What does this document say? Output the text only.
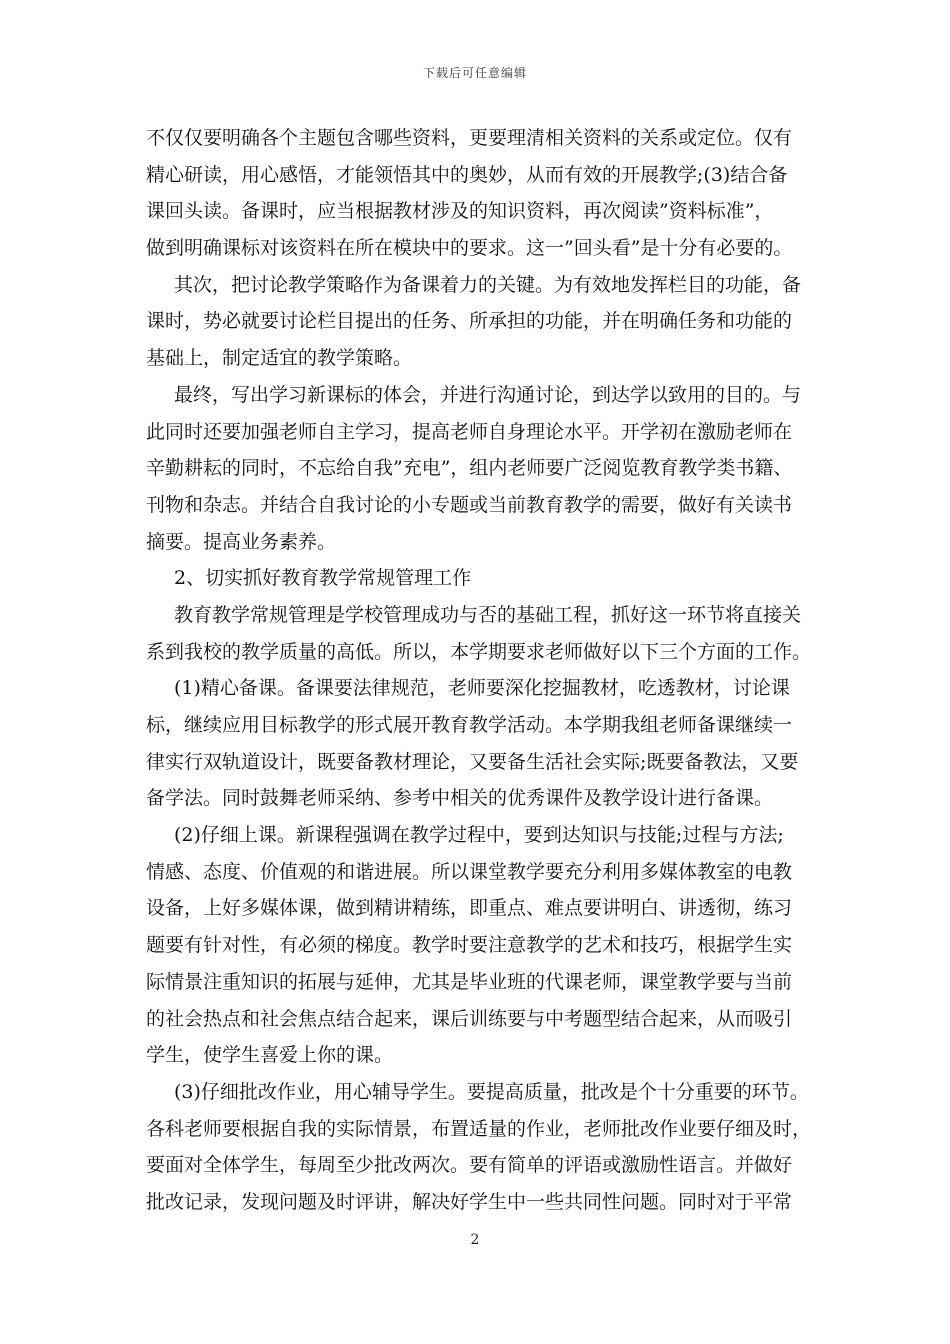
下载后可任意编辑
不仅仅要明确各个主题包含哪些资料，更要理清相关资料的关系或定位。仅有
精心研读，用心感悟，才能领悟其中的奥妙，从而有效的开展教学;(3)结合备
课回头读。备课时，应当根据教材涉及的知识资料，再次阅读”资料标准”，
做到明确课标对该资料在所在模块中的要求。这一”回头看”是十分有必要的。
其次，把讨论教学策略作为备课着力的关键。为有效地发挥栏目的功能，备
课时，势必就要讨论栏目提出的任务、所承担的功能，并在明确任务和功能的
基础上，制定适宜的教学策略。
最终，写出学习新课标的体会，并进行沟通讨论，到达学以致用的目的。与
此同时还要加强老师自主学习，提高老师自身理论水平。开学初在激励老师在
辛勤耕耘的同时，不忘给自我”充电”，组内老师要广泛阅览教育教学类书籍、
刊物和杂志。并结合自我讨论的小专题或当前教育教学的需要，做好有关读书
摘要。提高业务素养。
2、切实抓好教育教学常规管理工作
教育教学常规管理是学校管理成功与否的基础工程，抓好这一环节将直接关
系到我校的教学质量的高低。所以，本学期要求老师做好以下三个方面的工作。
(1)精心备课。备课要法律规范，老师要深化挖掘教材，吃透教材，讨论课
标，继续应用目标教学的形式展开教育教学活动。本学期我组老师备课继续一
律实行双轨道设计，既要备教材理论，又要备生活社会实际;既要备教法，又要
备学法。同时鼓舞老师采纳、参考中相关的优秀课件及教学设计进行备课。
(2)仔细上课。新课程强调在教学过程中，要到达知识与技能;过程与方法;
情感、态度、价值观的和谐进展。所以课堂教学要充分利用多媒体教室的电教
设备，上好多媒体课，做到精讲精练，即重点、难点要讲明白、讲透彻，练习
题要有针对性，有必须的梯度。教学时要注意教学的艺术和技巧，根据学生实
际情景注重知识的拓展与延伸，尤其是毕业班的代课老师，课堂教学要与当前
的社会热点和社会焦点结合起来，课后训练要与中考题型结合起来，从而吸引
学生，使学生喜爱上你的课。
(3)仔细批改作业，用心辅导学生。要提高质量，批改是个十分重要的环节。
各科老师要根据自我的实际情景，布置适量的作业，老师批改作业要仔细及时，
要面对全体学生，每周至少批改两次。要有简单的评语或激励性语言。并做好
批改记录，发现问题及时评讲，解决好学生中一些共同性问题。同时对于平常
2
